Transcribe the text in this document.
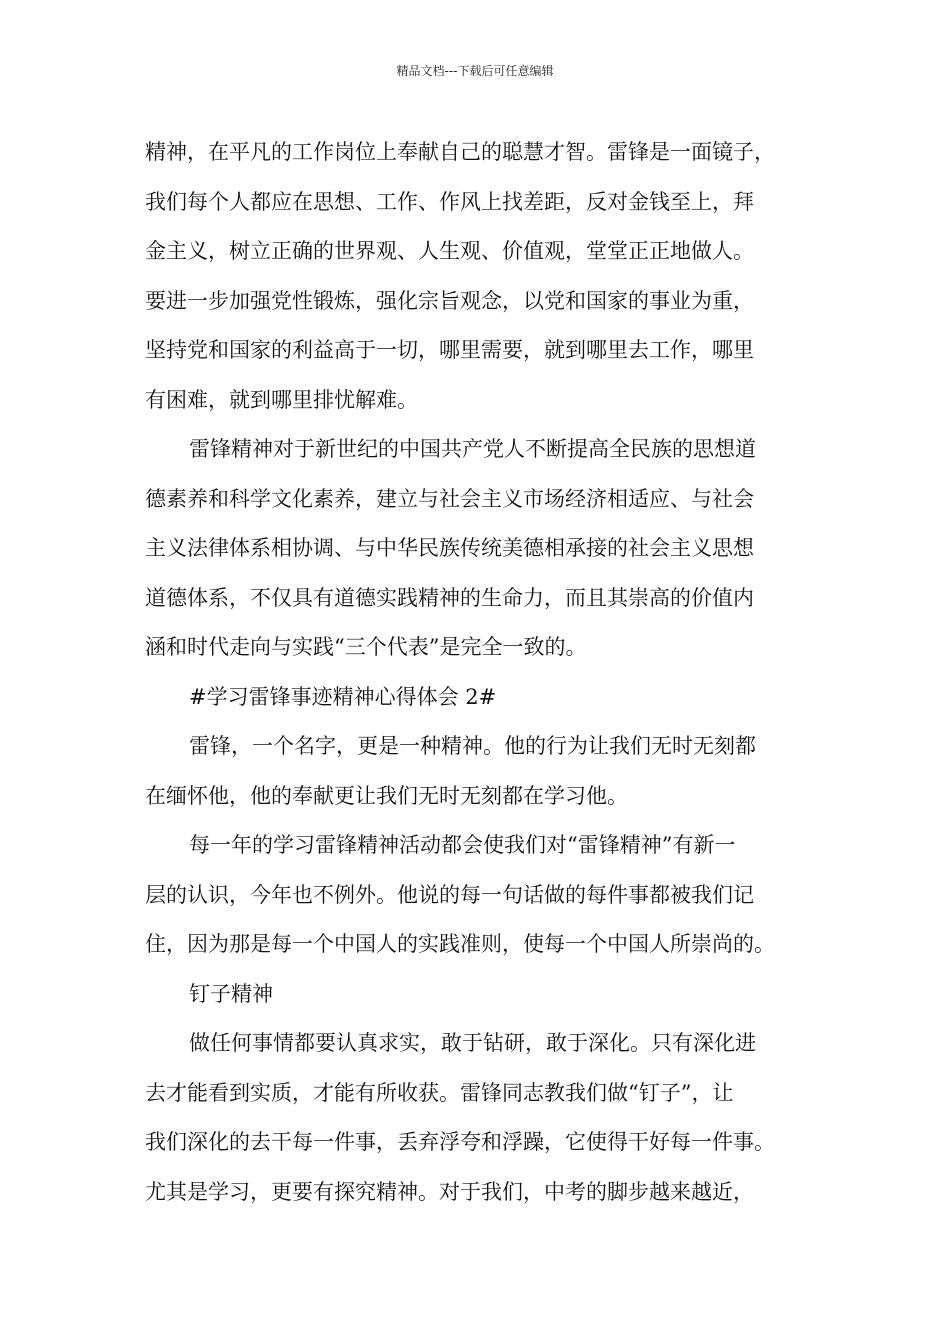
精品文档---下载后可任意编辑

精神，在平凡的工作岗位上奉献自己的聪慧才智。雷锋是一面镜子，
我们每个人都应在思想、工作、作风上找差距，反对金钱至上，拜
金主义，树立正确的世界观、人生观、价值观，堂堂正正地做人。
要进一步加强党性锻炼，强化宗旨观念，以党和国家的事业为重，
坚持党和国家的利益高于一切，哪里需要，就到哪里去工作，哪里
有困难，就到哪里排忧解难。

雷锋精神对于新世纪的中国共产党人不断提高全民族的思想道
德素养和科学文化素养，建立与社会主义市场经济相适应、与社会
主义法律体系相协调、与中华民族传统美德相承接的社会主义思想
道德体系，不仅具有道德实践精神的生命力，而且其崇高的价值内
涵和时代走向与实践“三个代表”是完全一致的。

#学习雷锋事迹精神心得体会 2#

雷锋，一个名字，更是一种精神。他的行为让我们无时无刻都
在缅怀他，他的奉献更让我们无时无刻都在学习他。

每一年的学习雷锋精神活动都会使我们对“雷锋精神”有新一
层的认识，今年也不例外。他说的每一句话做的每件事都被我们记
住，因为那是每一个中国人的实践准则，使每一个中国人所崇尚的。

钉子精神

做任何事情都要认真求实，敢于钻研，敢于深化。只有深化进
去才能看到实质，才能有所收获。雷锋同志教我们做“钉子”，让
我们深化的去干每一件事，丢弃浮夸和浮躁，它使得干好每一件事。
尤其是学习，更要有探究精神。对于我们，中考的脚步越来越近，
